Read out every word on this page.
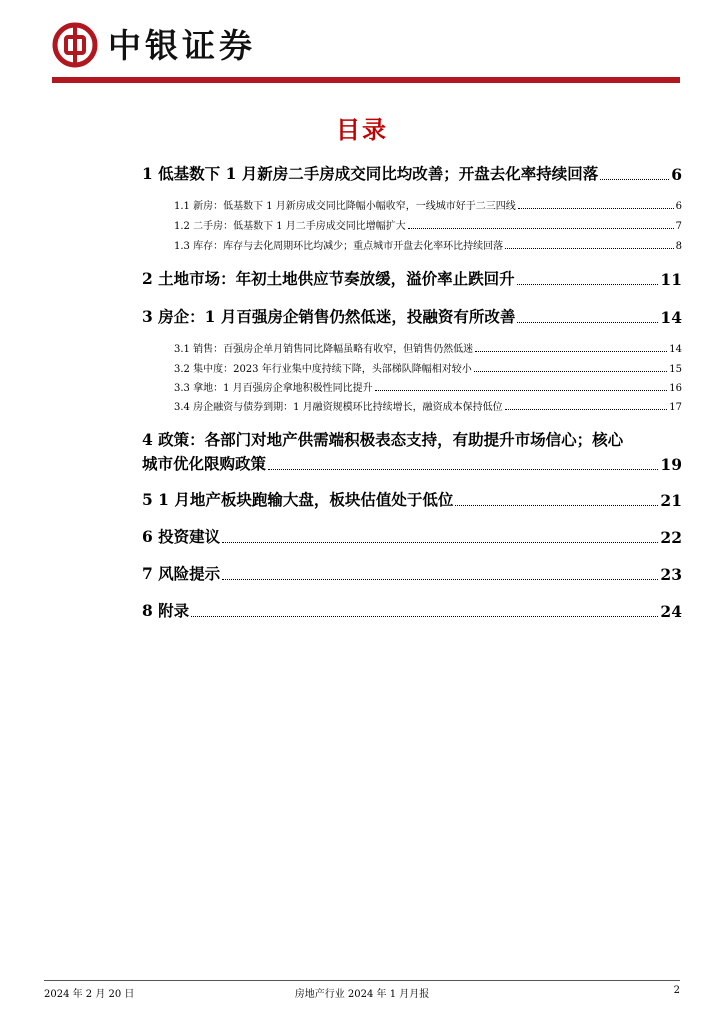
中银证券
目录
1 低基数下 1 月新房二手房成交同比均改善；开盘去化率持续回落	6
1.1 新房：低基数下 1 月新房成交同比降幅小幅收窄，一线城市好于二三四线	6
1.2 二手房：低基数下 1 月二手房成交同比增幅扩大	7
1.3 库存：库存与去化周期环比均减少；重点城市开盘去化率环比持续回落	8
2 土地市场：年初土地供应节奏放缓，溢价率止跌回升	11
3 房企：1 月百强房企销售仍然低迷，投融资有所改善	14
3.1 销售：百强房企单月销售同比降幅虽略有收窄，但销售仍然低迷	14
3.2 集中度：2023 年行业集中度持续下降，头部梯队降幅相对较小	15
3.3 拿地：1 月百强房企拿地积极性同比提升	16
3.4 房企融资与债券到期：1 月融资规模环比持续增长，融资成本保持低位	17
4 政策：各部门对地产供需端积极表态支持，有助提升市场信心；核心
城市优化限购政策	19
5 1 月地产板块跑输大盘，板块估值处于低位	21
6 投资建议	22
7 风险提示	23
8 附录	24
2024 年 2 月 20 日	房地产行业 2024 年 1 月月报	2
